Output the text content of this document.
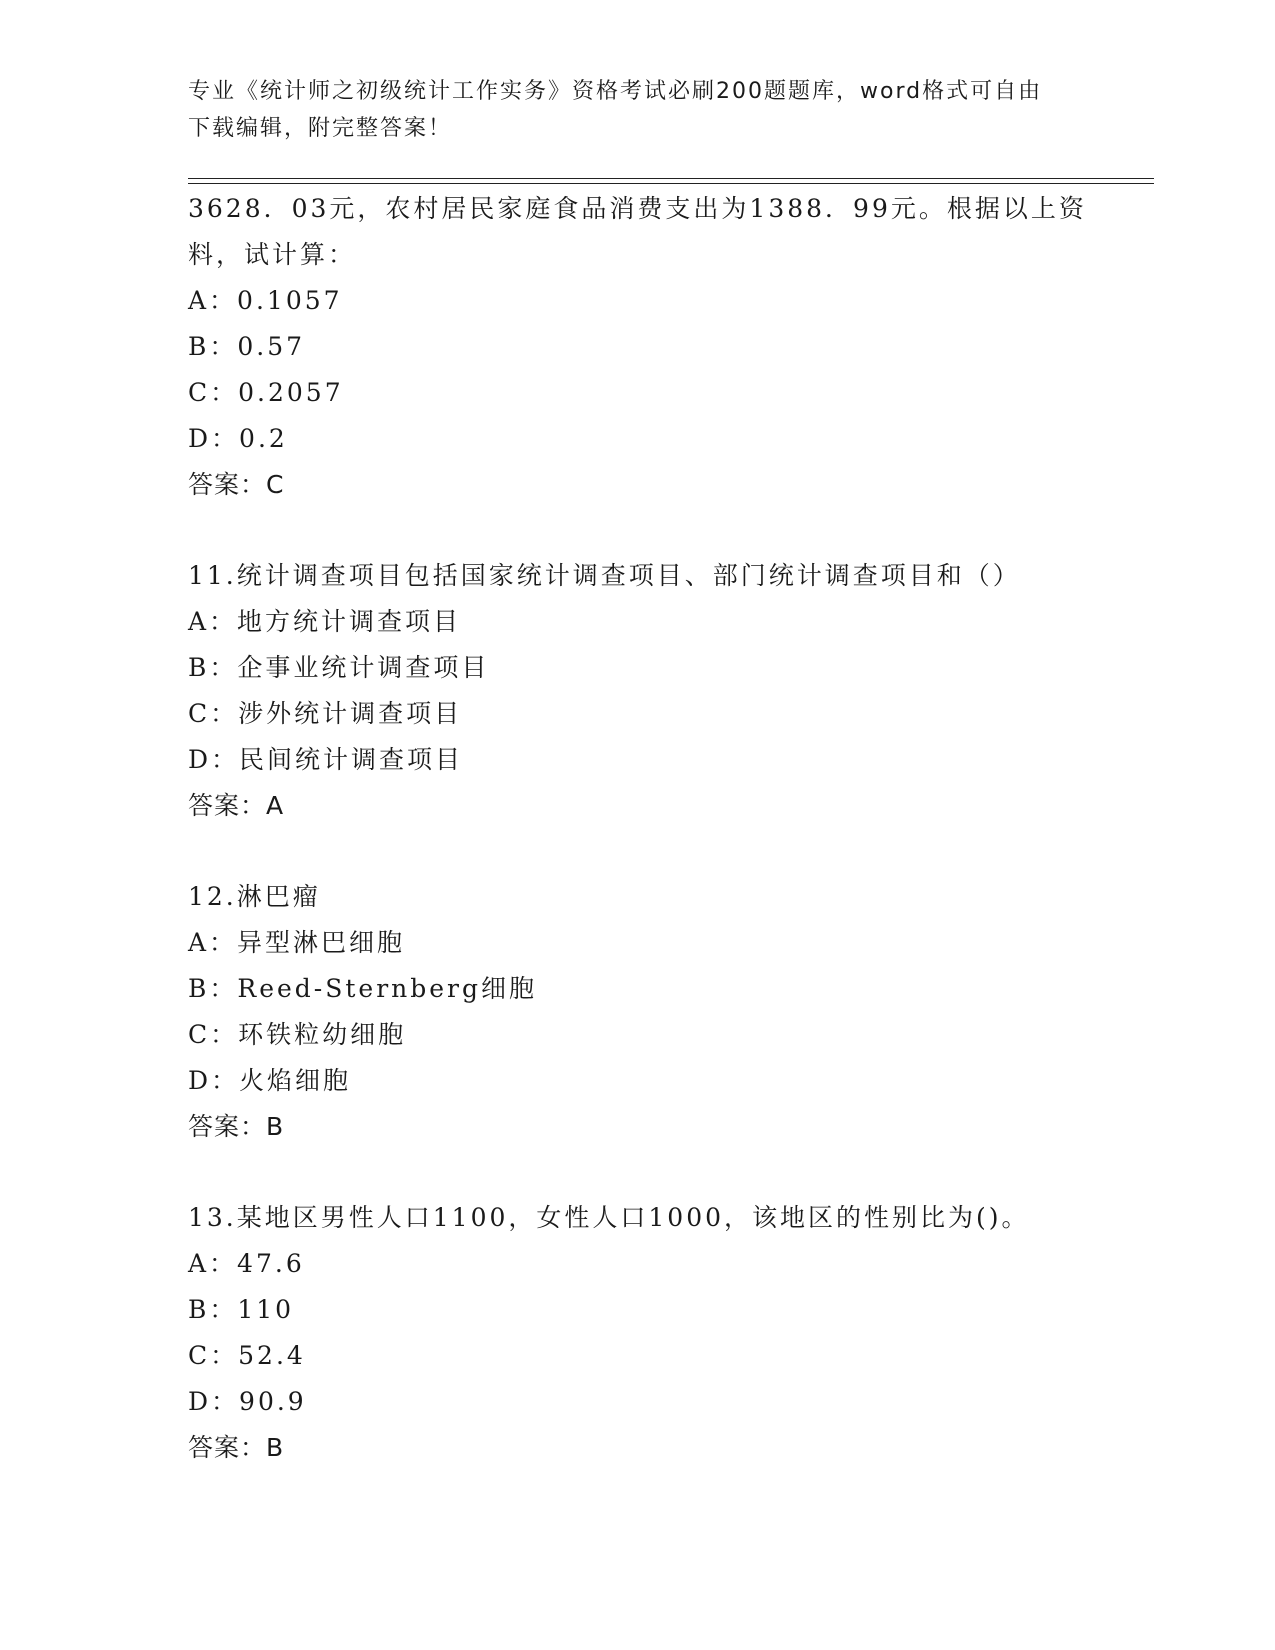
专业《统计师之初级统计工作实务》资格考试必刷200题题库，word格式可自由
下载编辑，附完整答案！
3628．03元，农村居民家庭食品消费支出为1388．99元。根据以上资
料，试计算：
A：0.1057
B：0.57
C：0.2057
D：0.2
答案：C
11.统计调查项目包括国家统计调查项目、部门统计调查项目和（）
A：地方统计调查项目
B：企事业统计调查项目
C：涉外统计调查项目
D：民间统计调查项目
答案：A
12.淋巴瘤
A：异型淋巴细胞
B：Reed-Sternberg细胞
C：环铁粒幼细胞
D：火焰细胞
答案：B
13.某地区男性人口1100，女性人口1000，该地区的性别比为()。
A：47.6
B：110
C：52.4
D：90.9
答案：B
